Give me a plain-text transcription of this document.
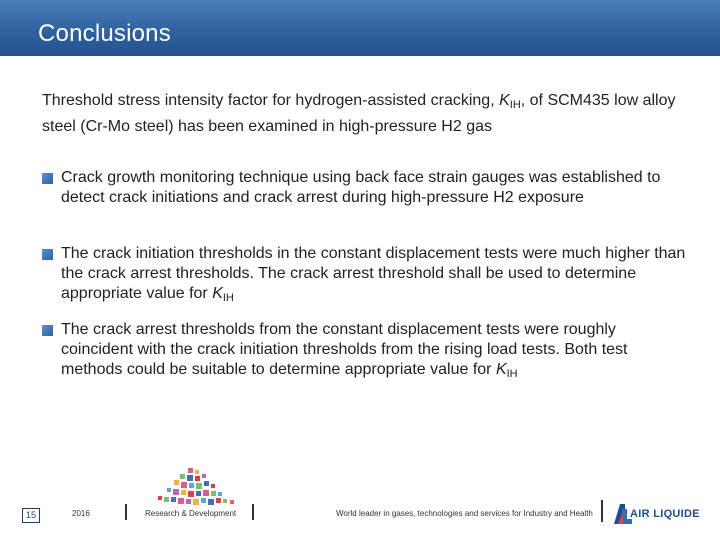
Conclusions
Threshold stress intensity factor for hydrogen-assisted cracking, $K_{IH}$, of SCM435 low alloy steel (Cr-Mo steel) has been examined in high-pressure H2 gas
Crack growth monitoring technique using back face strain gauges was established to detect crack initiations and crack arrest during high-pressure H2 exposure
The crack initiation thresholds in the constant displacement tests were much higher than the crack arrest thresholds. The crack arrest threshold shall be used to determine appropriate value for $K_{IH}$
The crack arrest thresholds from the constant displacement tests were roughly coincident with the crack initiation thresholds from the rising load tests. Both test methods could be suitable to determine appropriate value for $K_{IH}$
15	2016	Research & Development	World leader in gases, technologies and services for Industry and Health	AIR LIQUIDE
